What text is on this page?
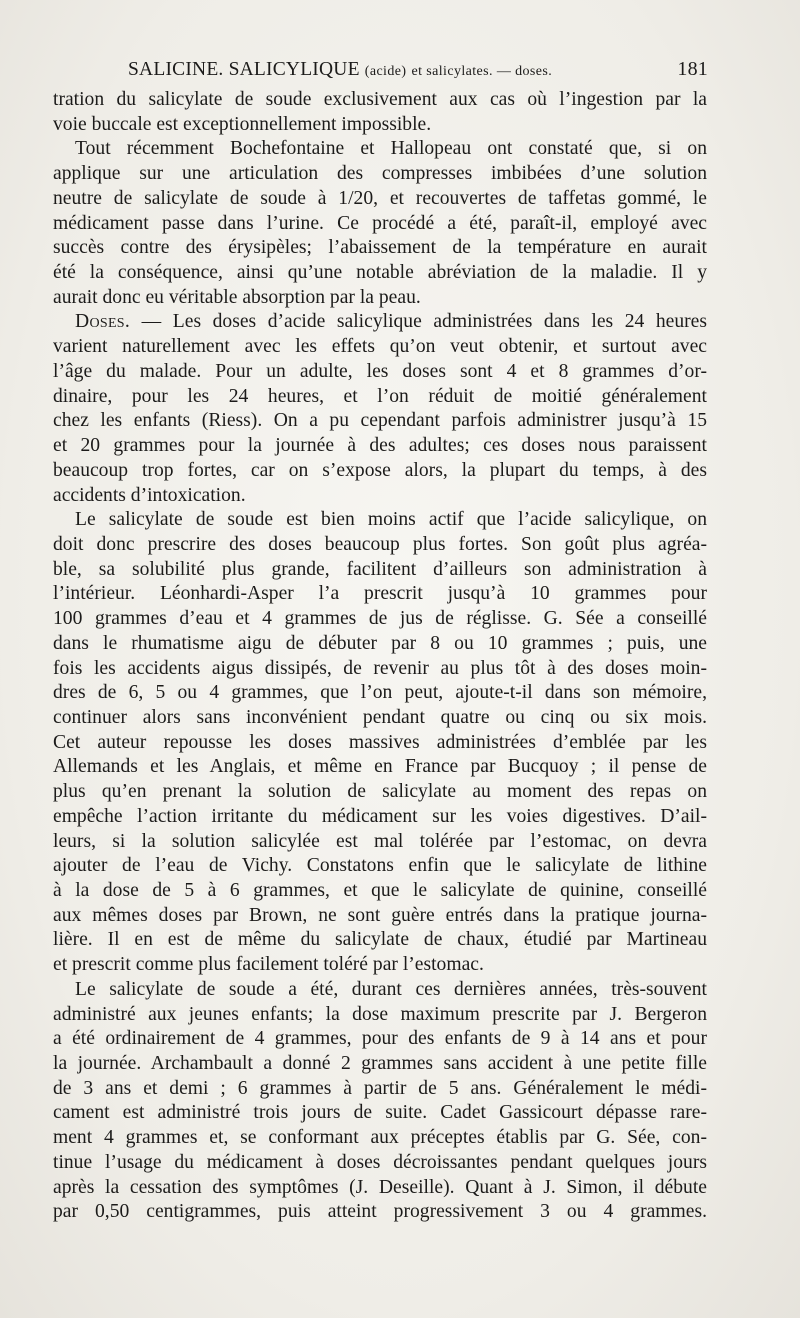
SALICINE. SALICYLIQUE (acide) et salicylates. — doses.	181

tration du salicylate de soude exclusivement aux cas où l’ingestion par la
voie buccale est exceptionnellement impossible.

Tout récemment Bochefontaine et Hallopeau ont constaté que, si on
applique sur une articulation des compresses imbibées d’une solution
neutre de salicylate de soude à 1/20, et recouvertes de taffetas gommé, le
médicament passe dans l’urine. Ce procédé a été, paraît-il, employé avec
succès contre des érysipèles; l’abaissement de la température en aurait
été la conséquence, ainsi qu’une notable abréviation de la maladie. Il y
aurait donc eu véritable absorption par la peau.

Doses. — Les doses d’acide salicylique administrées dans les 24 heures
varient naturellement avec les effets qu’on veut obtenir, et surtout avec
l’âge du malade. Pour un adulte, les doses sont 4 et 8 grammes d’or-
dinaire, pour les 24 heures, et l’on réduit de moitié généralement
chez les enfants (Riess). On a pu cependant parfois administrer jusqu’à 15
et 20 grammes pour la journée à des adultes; ces doses nous paraissent
beaucoup trop fortes, car on s’expose alors, la plupart du temps, à des
accidents d’intoxication.

Le salicylate de soude est bien moins actif que l’acide salicylique, on
doit donc prescrire des doses beaucoup plus fortes. Son goût plus agréa-
ble, sa solubilité plus grande, facilitent d’ailleurs son administration à
l’intérieur. Léonhardi-Asper l’a prescrit jusqu’à 10 grammes pour
100 grammes d’eau et 4 grammes de jus de réglisse. G. Sée a conseillé
dans le rhumatisme aigu de débuter par 8 ou 10 grammes ; puis, une
fois les accidents aigus dissipés, de revenir au plus tôt à des doses moin-
dres de 6, 5 ou 4 grammes, que l’on peut, ajoute-t-il dans son mémoire,
continuer alors sans inconvénient pendant quatre ou cinq ou six mois.
Cet auteur repousse les doses massives administrées d’emblée par les
Allemands et les Anglais, et même en France par Bucquoy ; il pense de
plus qu’en prenant la solution de salicylate au moment des repas on
empêche l’action irritante du médicament sur les voies digestives. D’ail-
leurs, si la solution salicylée est mal tolérée par l’estomac, on devra
ajouter de l’eau de Vichy. Constatons enfin que le salicylate de lithine
à la dose de 5 à 6 grammes, et que le salicylate de quinine, conseillé
aux mêmes doses par Brown, ne sont guère entrés dans la pratique journa-
lière. Il en est de même du salicylate de chaux, étudié par Martineau
et prescrit comme plus facilement toléré par l’estomac.

Le salicylate de soude a été, durant ces dernières années, très-souvent
administré aux jeunes enfants; la dose maximum prescrite par J. Bergeron
a été ordinairement de 4 grammes, pour des enfants de 9 à 14 ans et pour
la journée. Archambault a donné 2 grammes sans accident à une petite fille
de 3 ans et demi ; 6 grammes à partir de 5 ans. Généralement le médi-
cament est administré trois jours de suite. Cadet Gassicourt dépasse rare-
ment 4 grammes et, se conformant aux préceptes établis par G. Sée, con-
tinue l’usage du médicament à doses décroissantes pendant quelques jours
après la cessation des symptômes (J. Deseille). Quant à J. Simon, il débute
par 0,50 centigrammes, puis atteint progressivement 3 ou 4 grammes.
